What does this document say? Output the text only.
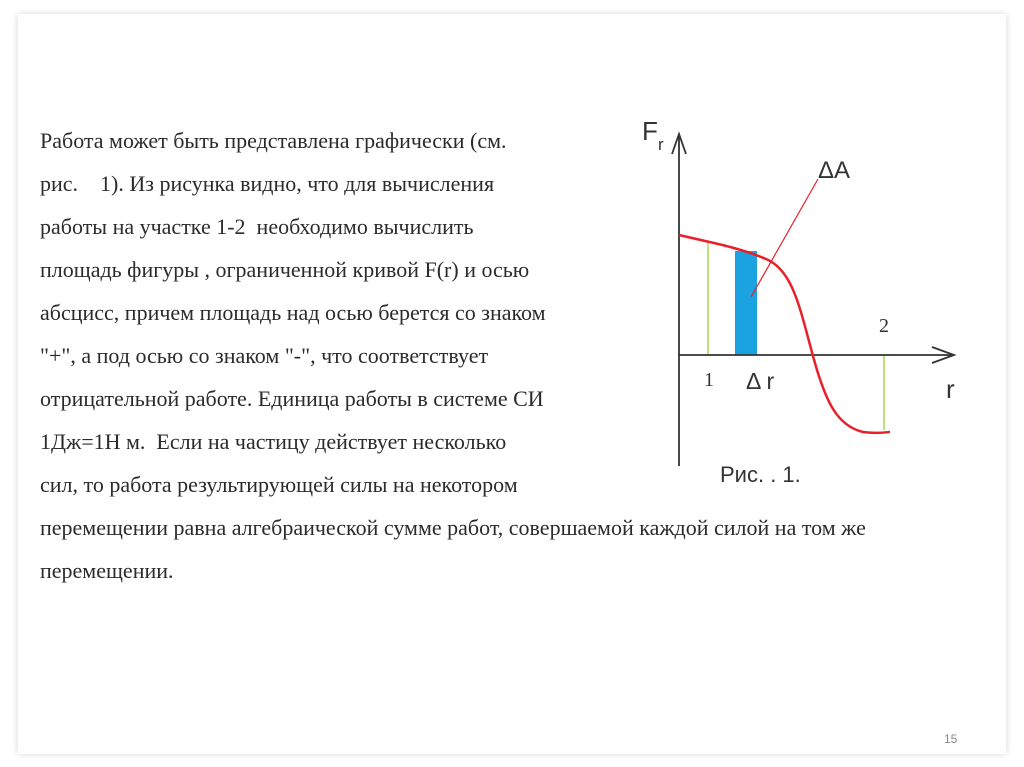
Работа может быть представлена графически (см.

рис.    1). Из рисунка видно, что для вычисления

работы на участке 1-2  необходимо вычислить

площадь фигуры , ограниченной кривой F(r) и осью

абсцисс, причем площадь над осью берется со знаком

"+", а под осью со знаком "-", что соответствует

отрицательной работе. Единица работы в системе СИ

1Дж=1Н м.  Если на частицу действует несколько

сил, то работа результирующей силы на некотором

перемещении равна алгебраической сумме работ, совершаемой каждой силой на том же

перемещении.

F r
ΔA
2
1 Δ r	r
Рис. . 1.
15
